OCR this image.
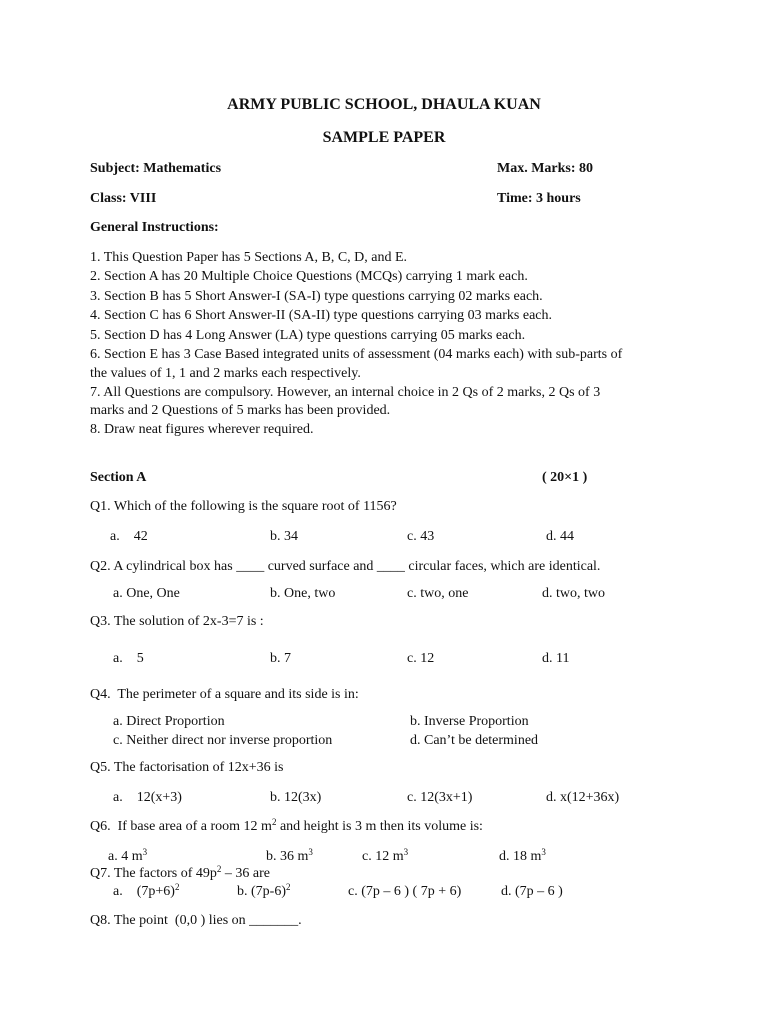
ARMY PUBLIC SCHOOL, DHAULA KUAN
SAMPLE PAPER
Subject: Mathematics	Max. Marks: 80
Class: VIII	Time: 3 hours
General Instructions:
1. This Question Paper has 5 Sections A, B, C, D, and E.
2. Section A has 20 Multiple Choice Questions (MCQs) carrying 1 mark each.
3. Section B has 5 Short Answer-I (SA-I) type questions carrying 02 marks each.
4. Section C has 6 Short Answer-II (SA-II) type questions carrying 03 marks each.
5. Section D has 4 Long Answer (LA) type questions carrying 05 marks each.
6. Section E has 3 Case Based integrated units of assessment (04 marks each) with sub-parts of
the values of 1, 1 and 2 marks each respectively.
7. All Questions are compulsory. However, an internal choice in 2 Qs of 2 marks, 2 Qs of 3
marks and 2 Questions of 5 marks has been provided.
8. Draw neat figures wherever required.
Section A	( 20×1 )
Q1. Which of the following is the square root of 1156?
a.    42	b. 34	c. 43	d. 44
Q2. A cylindrical box has ____ curved surface and ____ circular faces, which are identical.
a. One, One	b. One, two	c. two, one	d. two, two
Q3. The solution of 2x-3=7 is :
a.    5	b. 7	c. 12	d. 11
Q4.  The perimeter of a square and its side is in:
a. Direct Proportion	b. Inverse Proportion
c. Neither direct nor inverse proportion	d. Can’t be determined
Q5. The factorisation of 12x+36 is
a.    12(x+3)	b. 12(3x)	c. 12(3x+1)	d. x(12+36x)
Q6.  If base area of a room 12 $m^2$ and height is 3 m then its volume is:
a. 4 $m^3$	b. 36 $m^3$	c. 12 $m^3$	d. 18 $m^3$
Q7. The factors of $49p^2 - 36$ are
a.    $(7p+6)^2$	b. $(7p-6)^2$	c. (7p – 6 ) ( 7p + 6)	d. (7p – 6 )
Q8. The point  (0,0 ) lies on _______.
